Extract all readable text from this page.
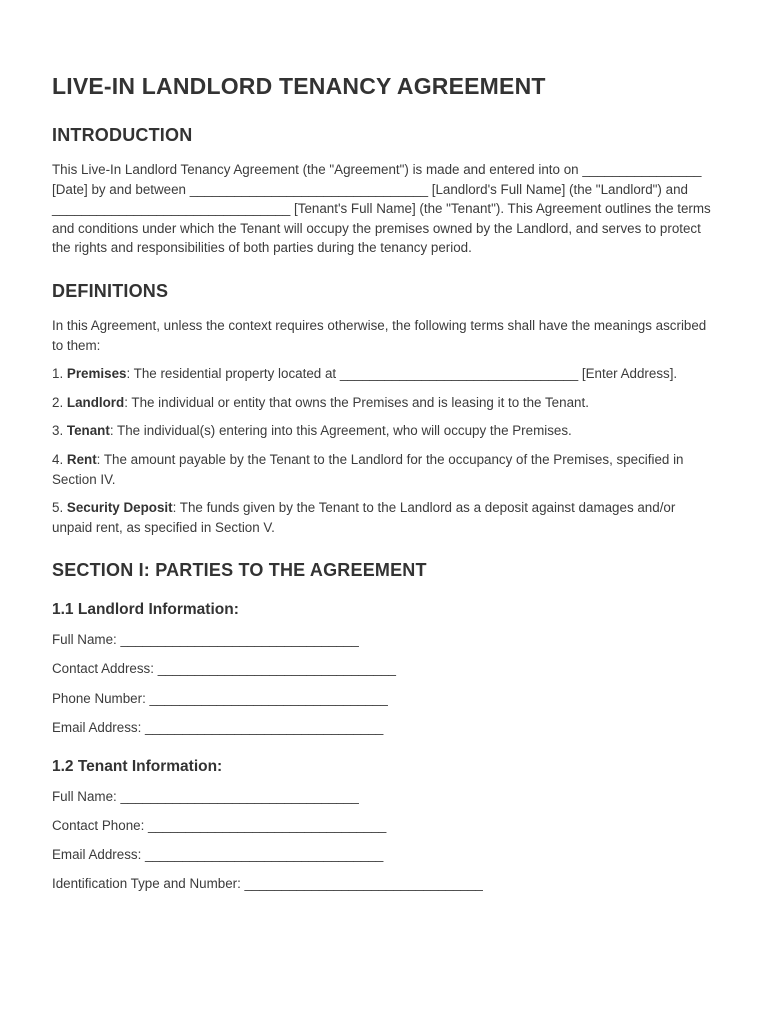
LIVE-IN LANDLORD TENANCY AGREEMENT
INTRODUCTION

This Live-In Landlord Tenancy Agreement (the "Agreement") is made and entered into on ________________ [Date] by and between ________________________________ [Landlord's Full Name] (the "Landlord") and ________________________________ [Tenant's Full Name] (the "Tenant"). This Agreement outlines the terms and conditions under which the Tenant will occupy the premises owned by the Landlord, and serves to protect the rights and responsibilities of both parties during the tenancy period.

DEFINITIONS

In this Agreement, unless the context requires otherwise, the following terms shall have the meanings ascribed to them:

1. Premises: The residential property located at ________________________________ [Enter Address].

2. Landlord: The individual or entity that owns the Premises and is leasing it to the Tenant.

3. Tenant: The individual(s) entering into this Agreement, who will occupy the Premises.

4. Rent: The amount payable by the Tenant to the Landlord for the occupancy of the Premises, specified in Section IV.

5. Security Deposit: The funds given by the Tenant to the Landlord as a deposit against damages and/or unpaid rent, as specified in Section V.

SECTION I: PARTIES TO THE AGREEMENT
1.1 Landlord Information:

Full Name: ________________________________

Contact Address: ________________________________

Phone Number: ________________________________

Email Address: ________________________________

1.2 Tenant Information:

Full Name: ________________________________

Contact Phone: ________________________________

Email Address: ________________________________

Identification Type and Number: ________________________________
